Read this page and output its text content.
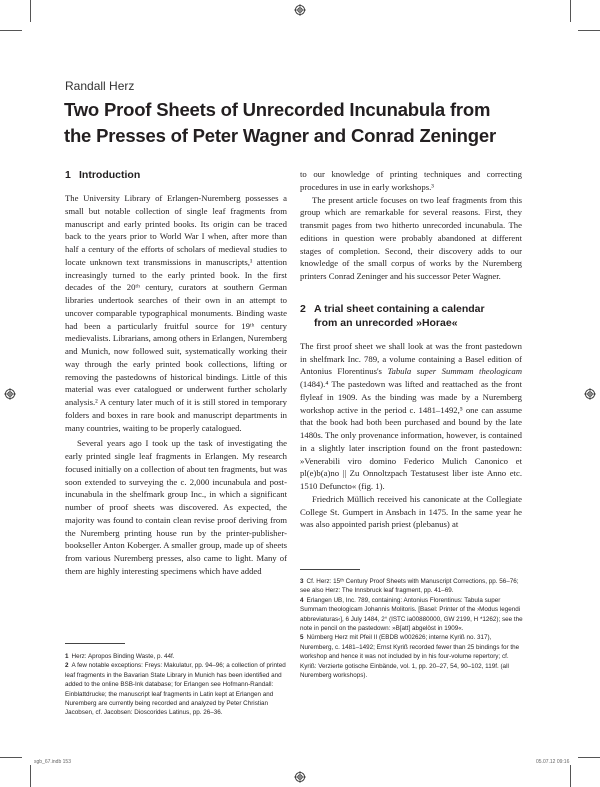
Randall Herz

Two Proof Sheets of Unrecorded Incunabula from
the Presses of Peter Wagner and Conrad Zeninger

1 Introduction

The University Library of Erlangen-Nuremberg possesses a small but notable collection of single leaf fragments from manuscript and early printed books. Its origin can be traced back to the years prior to World War I when, after more than half a century of the efforts of scholars of medieval studies to locate unknown text transmissions in manuscripts,¹ attention increasingly turned to the early printed book. In the first decades of the 20ᵗʰ century, curators at southern German libraries undertook searches of their own in an attempt to uncover comparable typographical monuments. Binding waste had been a particularly fruitful source for 19ᵗʰ century medievalists. Librarians, among others in Erlangen, Nuremberg and Munich, now followed suit, systematically working their way through the early printed book collections, lifting or removing the pastedowns of historical bindings. Little of this material was ever catalogued or underwent further scholarly analysis.² A century later much of it is still stored in temporary folders and boxes in rare book and manuscript departments in many countries, waiting to be properly catalogued.

Several years ago I took up the task of investigating the early printed single leaf fragments in Erlangen. My research focused initially on a collection of about ten fragments, but was soon extended to surveying the c. 2,000 incunabula and post-incunabula in the shelfmark group Inc., in which a significant number of proof sheets was discovered. As expected, the majority was found to contain clean revise proof deriving from the Nuremberg printing house run by the printer-publisher-bookseller Anton Koberger. A smaller group, made up of sheets from various Nuremberg presses, also came to light. Many of them are highly interesting specimens which have added

to our knowledge of printing techniques and correcting procedures in use in early workshops.³

The present article focuses on two leaf fragments from this group which are remarkable for several reasons. First, they transmit pages from two hitherto unrecorded incunabula. The editions in question were probably abandoned at different stages of completion. Second, their discovery adds to our knowledge of the small corpus of works by the Nuremberg printers Conrad Zeninger and his successor Peter Wagner.

2 A trial sheet containing a calendar
from an unrecorded »Horae«

The first proof sheet we shall look at was the front pastedown in shelfmark Inc. 789, a volume containing a Basel edition of Antonius Florentinus's Tabula super Summam theologicam (1484).⁴ The pastedown was lifted and reattached as the front flyleaf in 1909. As the binding was made by a Nuremberg workshop active in the period c. 1481–1492,⁵ one can assume that the book had both been purchased and bound by the late 1480s. The only provenance information, however, is contained in a slightly later inscription found on the front pastedown: »Venerabili viro domino Federico Mulich Canonico et pl(e)b(a)no || Zu Onnoltzpach Testatusest liber iste Anno etc. 1510 Defuncto« (fig. 1).

Friedrich Müllich received his canonicate at the Collegiate College St. Gumpert in Ansbach in 1475. In the same year he was also appointed parish priest (plebanus) at

1 Herz: Apropos Binding Waste, p. 44f.

2 A few notable exceptions: Freys: Makulatur, pp. 94–96; a collection of printed leaf fragments in the Bavarian State Library in Munich has been identified and added to the online BSB-Ink database; for Erlangen see Hofmann-Randall: Einblattdrucke; the manuscript leaf fragments in Latin kept at Erlangen and Nuremberg are currently being recorded and analyzed by Peter Christian Jacobsen, cf. Jacobsen: Dioscorides Latinus, pp. 26–36.

3 Cf. Herz: 15ᵗʰ Century Proof Sheets with Manuscript Corrections, pp. 56–76; see also Herz: The Innsbruck leaf fragment, pp. 41–69.

4 Erlangen UB, Inc. 789, containing: Antonius Florentinus: Tabula super Summam theologicam Johannis Molitoris. [Basel: Printer of the ›Modus legendi abbreviaturas‹], 6 July 1484, 2° (ISTC ia00880000, GW 2199, H *1262); see the note in pencil on the pastedown: »B[att] abgelöst in 1909«.

5 Nürnberg Herz mit Pfeil II (EBDB w002626; interne Kyriß no. 317), Nuremberg, c. 1481–1492; Ernst Kyriß recorded fewer than 25 bindings for the workshop and hence it was not included by in his four-volume repertory; cf. Kyriß: Verzierte gotische Einbände, vol. 1, pp. 20–27, 54, 90–102, 119f. (all Nuremberg workshops).

sgb_67.indb 153	05.07.12 09:16
